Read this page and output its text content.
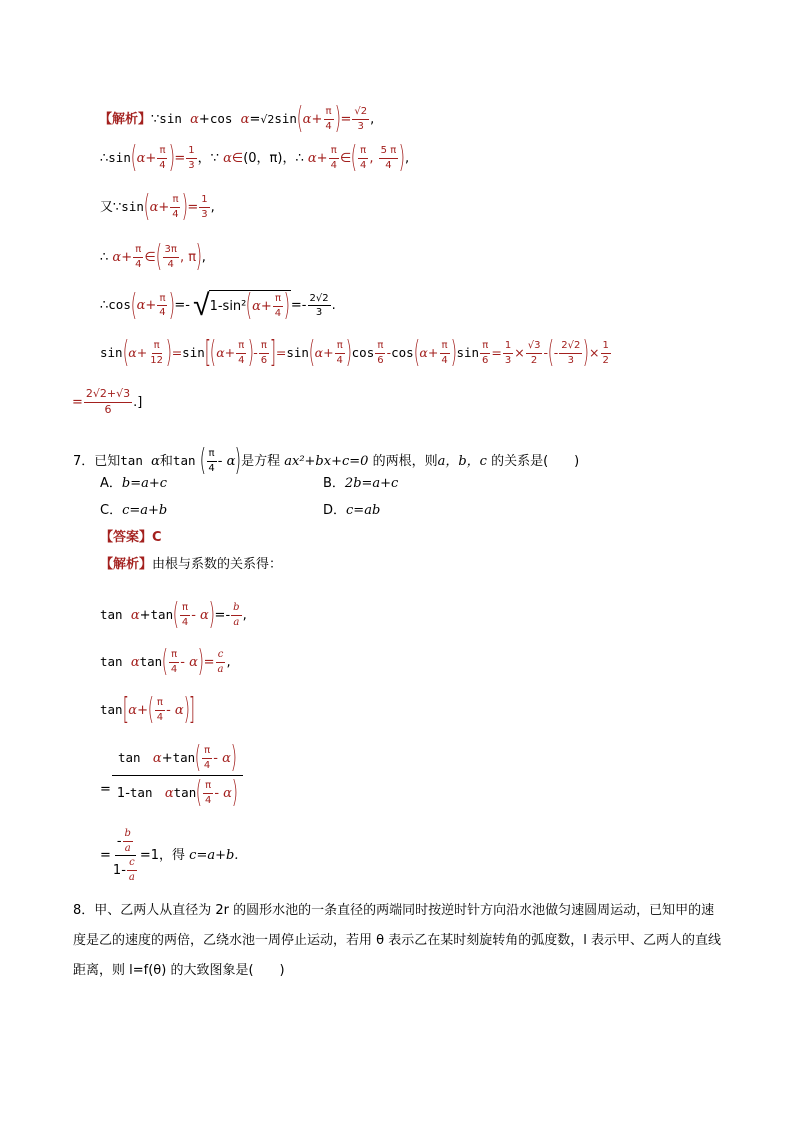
【解析】 ∵ sin
α + cos
α = √2 sin ( $\alpha + \frac{\pi}{4}$ ) = $\frac{√2}{3}$ ,
∴ sin ( $\alpha + \frac{\pi}{4}$ ) = $\frac{1}{3}$ ， ∵
α ∈ (0，π) ， ∴
$\alpha + \frac{\pi}{4}$ ∈ ( π
4 ,
5 π
4 ) ,
又 ∵ sin ( $\alpha + \frac{\pi}{4}$ ) = $\frac{1}{3}$ ,
∴
$\alpha + \frac{\pi}{4}$ ∈ ( 3π
4 ,
π ) ,
∴ cos ( $\alpha + \frac{\pi}{4}$ ) = -
√ 1-sin² ( $\alpha + \frac{\pi}{4}$ ) = - 2√2
3 .
sin ( $\alpha + \frac{\pi}{12}$ ) = sin [ ( $\alpha + \frac{\pi}{4}$ ) - π
6 ] = sin ( $\alpha + \frac{\pi}{4}$ ) cos π
6
- cos ( $\alpha + \frac{\pi}{4}$ ) $\sin \frac{\pi}{6} = \frac{1}{3} \times \frac{√3}{2}$ - ( - 2√2
3 ) × $\frac{1}{2}$
= $\frac{2√2+√3}{6}$ .]
7．已知 tan
α 和 tan
( π
4 -
α ) 是方程
ax²+bx+c=0
的两根，则 a，b，c
的关系是(　　)
A． b=a+c	B． 2b=a+c
C． c=a+b	D． c=ab
【答案】C
【解析】 由根与系数的关系得：
tan
α + tan ( π
4 -
α ) = - b
a ,
tan
α tan ( π
4 -
α ) = $\frac{c}{a}$ ,
tan [ α + ( π
4 -
α ) ]
=
tan
α + tan ( π
4 -
α )
1 - tan
α tan ( π
4 -
α )
= - b
a
1 - c
a =1，得
c=a+b.
8．甲、乙两人从直径为 2r 的圆形水池的一条直径的两端同时按逆时针方向沿水池做匀速圆周运动，已知甲的速度是乙的速度的两倍，乙绕水池一周停止运动，若用 θ 表示乙在某时刻旋转角的弧度数，l 表示甲、乙两人的直线距离，则 l=f(θ) 的大致图象是(　　)
